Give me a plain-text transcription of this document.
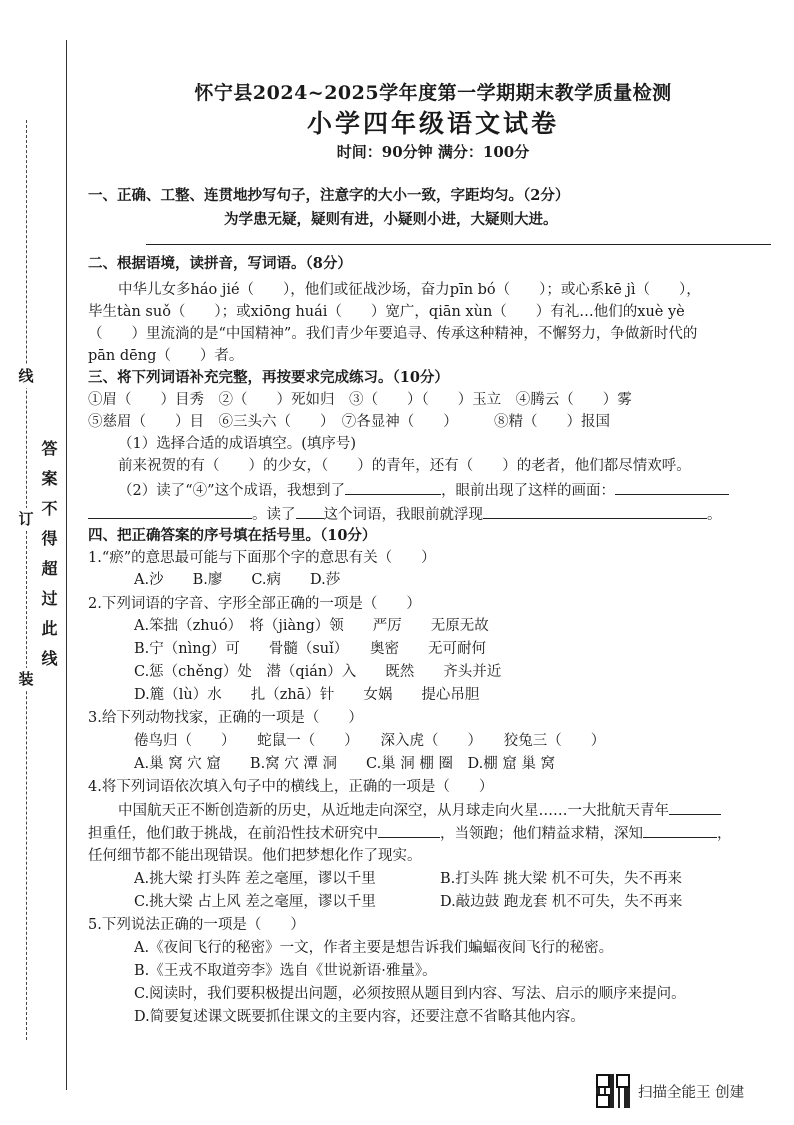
线
订
装 答案不得超过此线
怀宁县2024~2025学年度第一学期期末教学质量检测
小学四年级语文试卷
时间：90分钟 满分：100分
一、正确、工整、连贯地抄写句子，注意字的大小一致，字距均匀。（2分）
为学患无疑，疑则有进，小疑则小进，大疑则大进。
二、根据语境，读拼音，写词语。（8分）
中华儿女多háo jié（　　），他们或征战沙场，奋力pīn bó（　　）；或心系kē jì（　　），
毕生tàn suǒ（　　）；或xiōng huái（　　）宽广，qiān xùn（　　）有礼…他们的xuè yè
（　　）里流淌的是“中国精神”。我们青少年要追寻、传承这种精神，不懈努力，争做新时代的
pān dēng（　　）者。
三、将下列词语补充完整，再按要求完成练习。（10分）
①眉（　　）目秀　②（　　）死如归　③（　　）（　　）玉立　④腾云（　　）雾
⑤慈眉（　　）目　⑥三头六（　　）　⑦各显神（　　）　　　⑧精（　　）报国
（1）选择合适的成语填空。(填序号)
前来祝贺的有（　　）的少女，（　　）的青年，还有（　　）的老者，他们都尽情欢呼。
（2）读了“④”这个成语，我想到了	，眼前出现了这样的画面：
。读了 这个词语，我眼前就浮现	。
四、把正确答案的序号填在括号里。（10分）
1.“瘀”的意思最可能与下面那个字的意思有关（　　）
A.沙　　B.廖　　C.病　　D.莎
2.下列词语的字音、字形全部正确的一项是（　　）
A.笨拙（zhuó）　将（jiàng）领　　严厉　　无原无故
B.宁（nìng）可　　骨髓（suǐ）　　奥密　　无可耐何
C.惩（chěng）处　潜（qián）入　　既然　　齐头并近
D.簏（lù）水　　扎（zhā）针　　女娲　　提心吊胆
3.给下列动物找家，正确的一项是（　　）
倦鸟归（　　）　　蛇鼠一（　　）　　深入虎（　　）　　狡兔三（　　）
A.巢 窝 穴 窟　　B.窝 穴 潭 洞　　C.巢 洞 棚 圈　D.棚 窟 巢 窝
4.将下列词语依次填入句子中的横线上，正确的一项是（　　）
中国航天正不断创造新的历史，从近地走向深空，从月球走向火星……一大批航天青年
担重任，他们敢于挑战，在前沿性技术研究中	，当领跑；他们精益求精，深知	，
任何细节都不能出现错误。他们把梦想化作了现实。
A.挑大梁 打头阵 差之毫厘，谬以千里	B.打头阵 挑大梁 机不可失，失不再来
C.挑大梁 占上风 差之毫厘，谬以千里	D.敲边鼓 跑龙套 机不可失，失不再来
5.下列说法正确的一项是（　　）
A.《夜间飞行的秘密》一文，作者主要是想告诉我们蝙蝠夜间飞行的秘密。
B.《王戎不取道旁李》选自《世说新语·雅量》。
C.阅读时，我们要积极提出问题，必须按照从题目到内容、写法、启示的顺序来提问。
D.简要复述课文既要抓住课文的主要内容，还要注意不省略其他内容。
扫描全能王 创建
